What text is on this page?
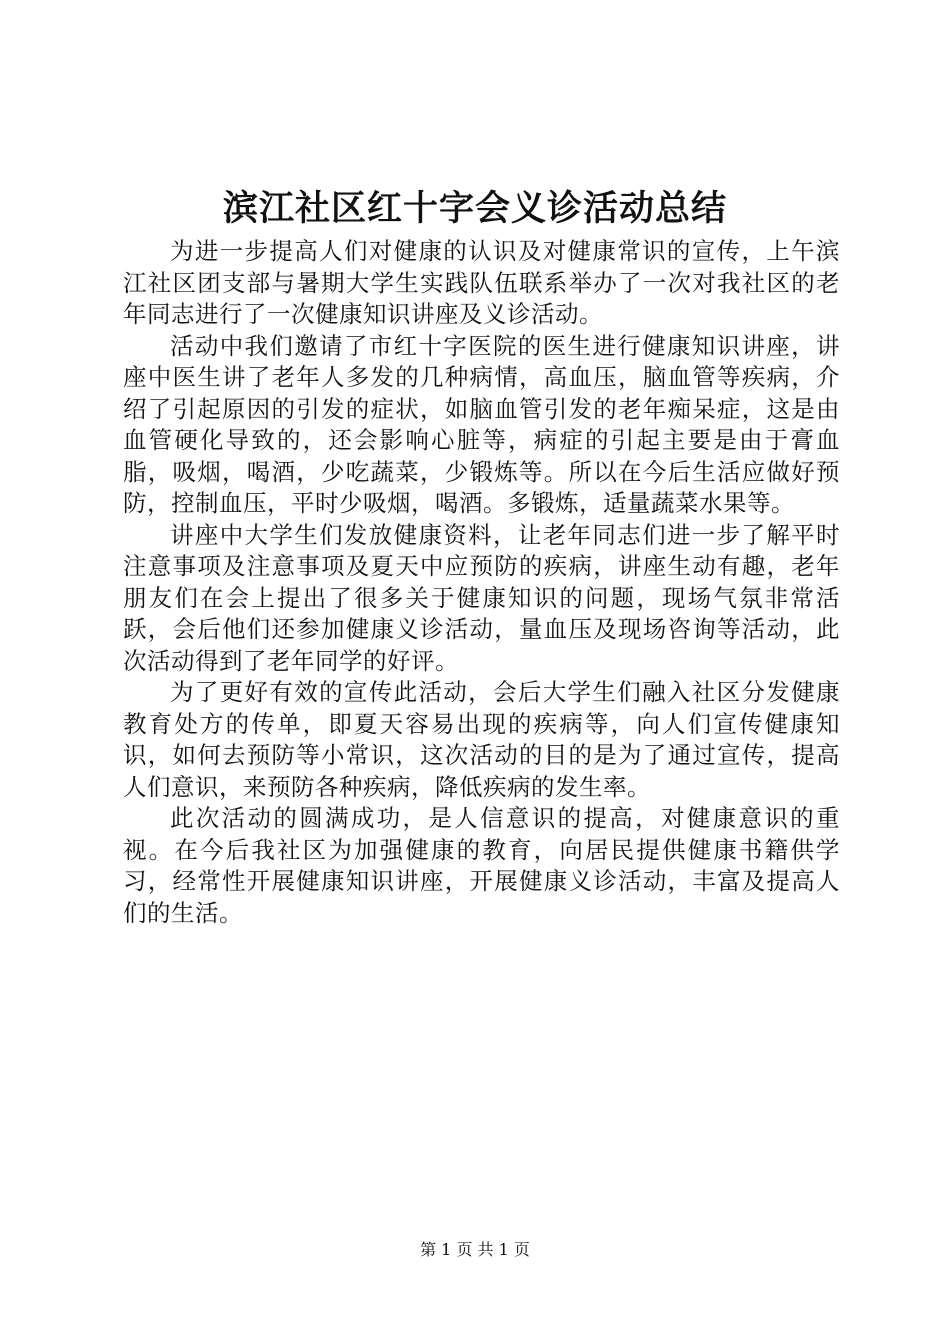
滨江社区红十字会义诊活动总结

为进一步提高人们对健康的认识及对健康常识的宣传，上午滨江社区团支部与暑期大学生实践队伍联系举办了一次对我社区的老年同志进行了一次健康知识讲座及义诊活动。

活动中我们邀请了市红十字医院的医生进行健康知识讲座，讲座中医生讲了老年人多发的几种病情，高血压，脑血管等疾病，介绍了引起原因的引发的症状，如脑血管引发的老年痴呆症，这是由血管硬化导致的，还会影响心脏等，病症的引起主要是由于膏血脂，吸烟，喝酒，少吃蔬菜，少锻炼等。所以在今后生活应做好预防，控制血压，平时少吸烟，喝酒。多锻炼，适量蔬菜水果等。

讲座中大学生们发放健康资料，让老年同志们进一步了解平时注意事项及注意事项及夏天中应预防的疾病，讲座生动有趣，老年朋友们在会上提出了很多关于健康知识的问题，现场气氛非常活跃，会后他们还参加健康义诊活动，量血压及现场咨询等活动，此次活动得到了老年同学的好评。

为了更好有效的宣传此活动，会后大学生们融入社区分发健康教育处方的传单，即夏天容易出现的疾病等，向人们宣传健康知识，如何去预防等小常识，这次活动的目的是为了通过宣传，提高人们意识，来预防各种疾病，降低疾病的发生率。

此次活动的圆满成功，是人信意识的提高，对健康意识的重视。在今后我社区为加强健康的教育，向居民提供健康书籍供学习，经常性开展健康知识讲座，开展健康义诊活动，丰富及提高人们的生活。

第 1 页 共 1 页
